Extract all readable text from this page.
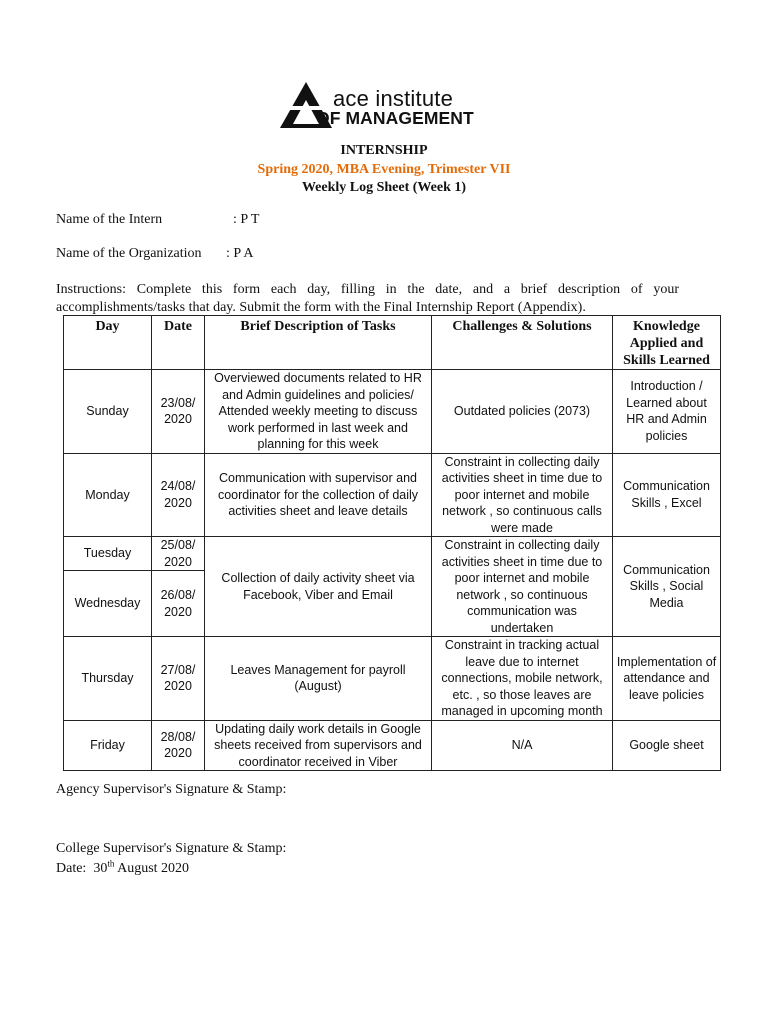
ace institute
OF MANAGEMENT
INTERNSHIP
Spring 2020, MBA Evening, Trimester VII
Weekly Log Sheet (Week 1)
Name of the Intern	: P T
Name of the Organization : P A
Instructions: Complete this form each day, filling in the date, and a brief description of your accomplishments/tasks that day. Submit the form with the Final Internship Report (Appendix).
Day	Date	Brief Description of Tasks	Challenges & Solutions	Knowledge Applied and Skills Learned
Sunday	23/08/ 2020	Overviewed documents related to HR and Admin guidelines and policies/ Attended weekly meeting to discuss work performed in last week and planning for this week	Outdated policies (2073)	Introduction / Learned about HR and Admin policies
Monday	24/08/ 2020	Communication with supervisor and coordinator for the collection of daily activities sheet and leave details	Constraint in collecting daily activities sheet in time due to poor internet and mobile network , so continuous calls were made	Communication Skills , Excel
Tuesday	25/08/ 2020	Collection of daily activity sheet via Facebook, Viber and Email	Constraint in collecting daily activities sheet in time due to poor internet and mobile network , so continuous communication was undertaken	Communication Skills , Social Media
Wednesday	26/08/ 2020			
Thursday	27/08/ 2020	Leaves Management for payroll (August)	Constraint in tracking actual leave due to internet connections, mobile network, etc. , so those leaves are managed in upcoming month	Implementation of attendance and leave policies
Friday	28/08/ 2020	Updating daily work details in Google sheets received from supervisors and coordinator received in Viber	N/A	Google sheet
Agency Supervisor's Signature & Stamp:
College Supervisor's Signature & Stamp:
Date: 30th August 2020
